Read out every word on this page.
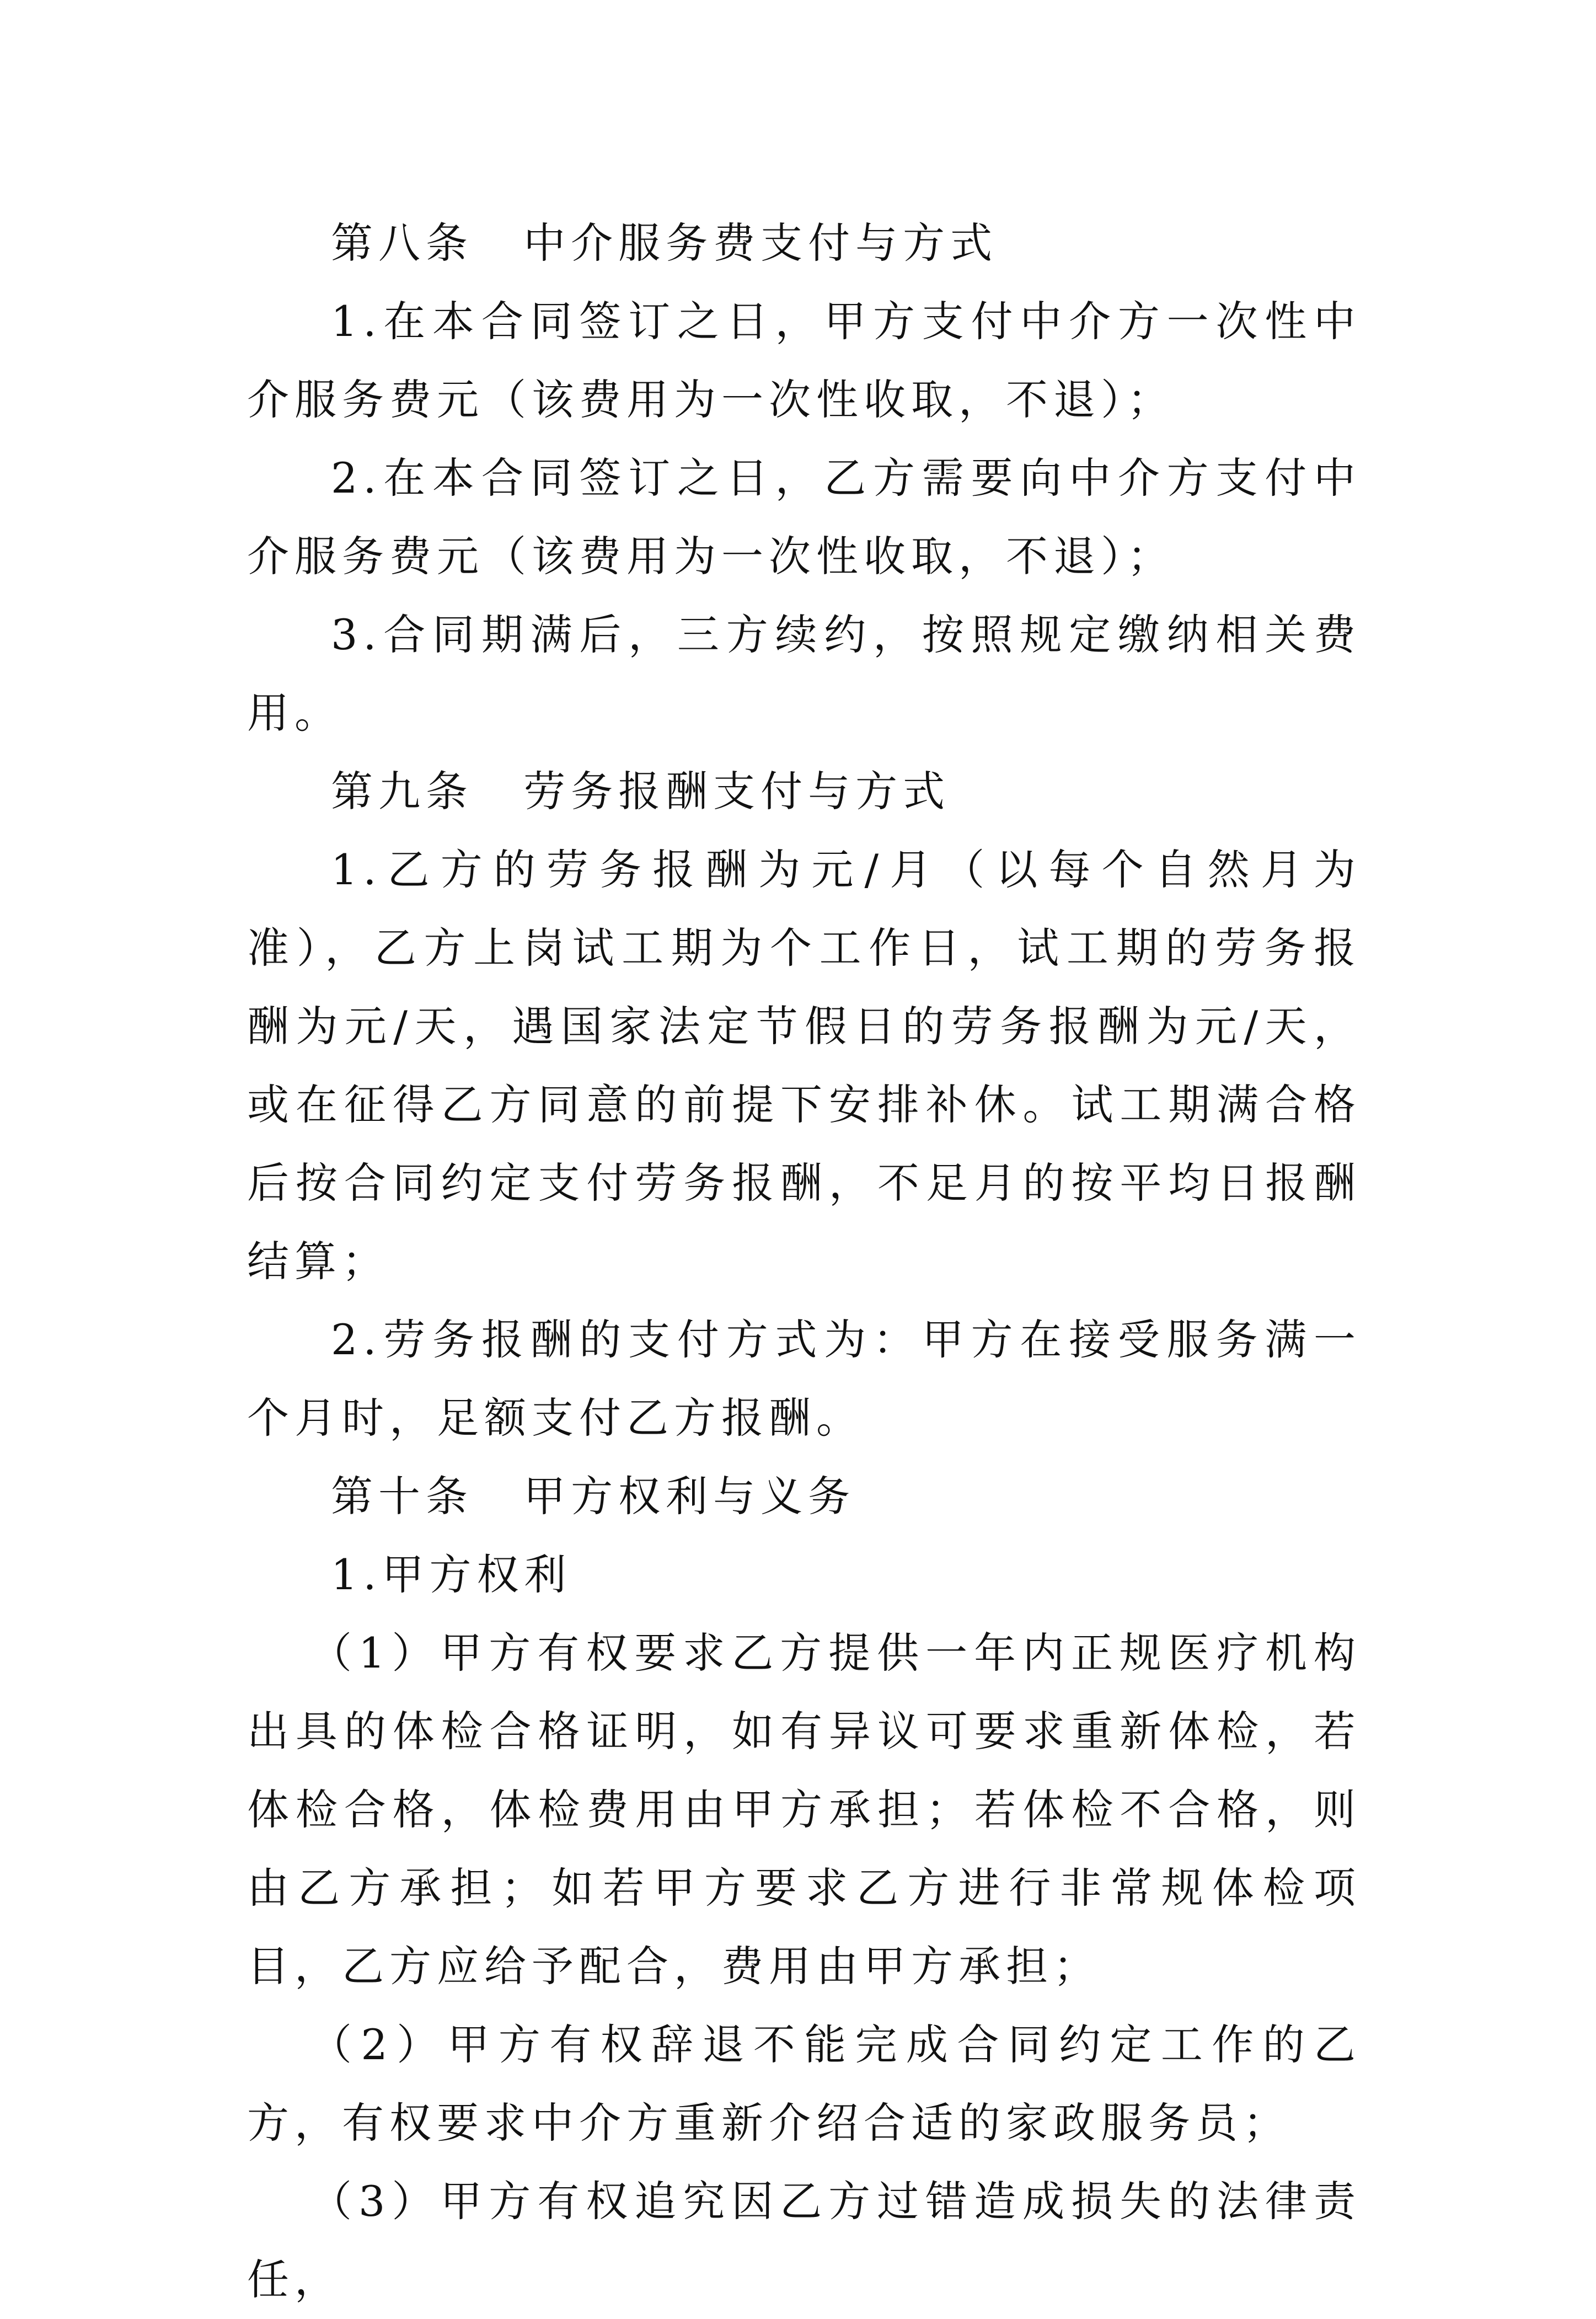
第八条 中介服务费支付与方式

1.在本合同签订之日，甲方支付中介方一次性中介服务费元（该费用为一次性收取，不退）；

2.在本合同签订之日，乙方需要向中介方支付中介服务费元（该费用为一次性收取，不退）；

3.合同期满后，三方续约，按照规定缴纳相关费用。

第九条 劳务报酬支付与方式

1.乙方的劳务报酬为元/月（以每个自然月为准），乙方上岗试工期为个工作日，试工期的劳务报酬为元/天，遇国家法定节假日的劳务报酬为元/天，或在征得乙方同意的前提下安排补休。试工期满合格后按合同约定支付劳务报酬，不足月的按平均日报酬结算；

2.劳务报酬的支付方式为：甲方在接受服务满一个月时，足额支付乙方报酬。

第十条 甲方权利与义务

1.甲方权利

（1）甲方有权要求乙方提供一年内正规医疗机构出具的体检合格证明，如有异议可要求重新体检，若体检合格，体检费用由甲方承担；若体检不合格，则由乙方承担；如若甲方要求乙方进行非常规体检项目，乙方应给予配合，费用由甲方承担；

（2）甲方有权辞退不能完成合同约定工作的乙方，有权要求中介方重新介绍合适的家政服务员；

（3）甲方有权追究因乙方过错造成损失的法律责任，
